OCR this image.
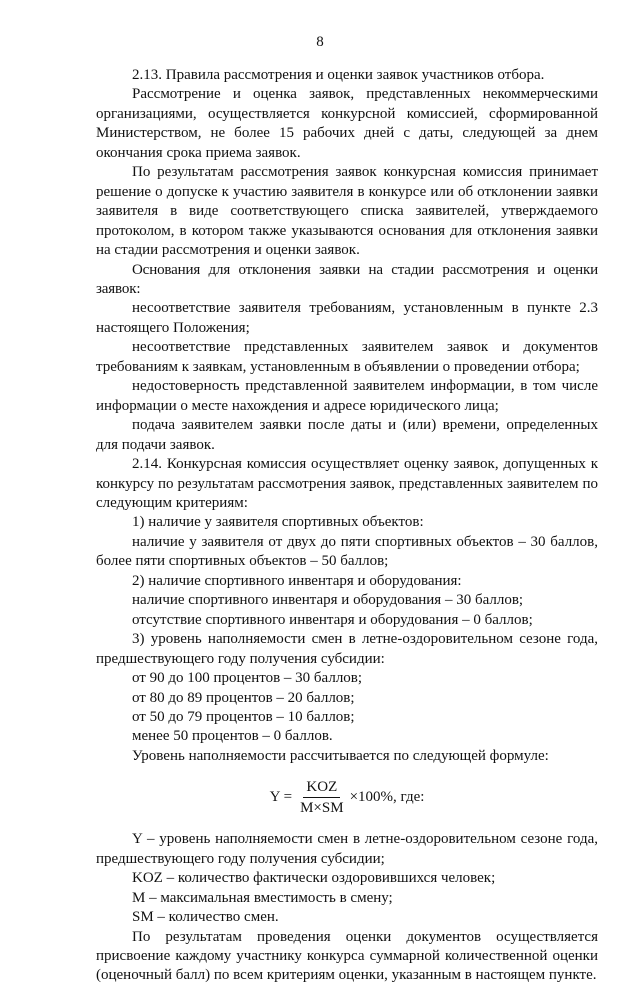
8

2.13. Правила рассмотрения и оценки заявок участников отбора.

Рассмотрение и оценка заявок, представленных некоммерческими организациями, осуществляется конкурсной комиссией, сформированной Министерством, не более 15 рабочих дней с даты, следующей за днем окончания срока приема заявок.

По результатам рассмотрения заявок конкурсная комиссия принимает решение о допуске к участию заявителя в конкурсе или об отклонении заявки заявителя в виде соответствующего списка заявителей, утверждаемого протоколом, в котором также указываются основания для отклонения заявки на стадии рассмотрения и оценки заявок.

Основания для отклонения заявки на стадии рассмотрения и оценки заявок:

несоответствие заявителя требованиям, установленным в пункте 2.3 настоящего Положения;

несоответствие представленных заявителем заявок и документов требованиям к заявкам, установленным в объявлении о проведении отбора;

недостоверность представленной заявителем информации, в том числе информации о месте нахождения и адресе юридического лица;

подача заявителем заявки после даты и (или) времени, определенных для подачи заявок.

2.14. Конкурсная комиссия осуществляет оценку заявок, допущенных к конкурсу по результатам рассмотрения заявок, представленных заявителем по следующим критериям:

1) наличие у заявителя спортивных объектов:

наличие у заявителя от двух до пяти спортивных объектов – 30 баллов, более пяти спортивных объектов – 50 баллов;

2) наличие спортивного инвентаря и оборудования:

наличие спортивного инвентаря и оборудования – 30 баллов;

отсутствие спортивного инвентаря и оборудования – 0 баллов;

3) уровень наполняемости смен в летне-оздоровительном сезоне года, предшествующего году получения субсидии:

от 90 до 100 процентов – 30 баллов;

от 80 до 89 процентов – 20 баллов;

от 50 до 79 процентов – 10 баллов;

менее 50 процентов – 0 баллов.

Уровень наполняемости рассчитывается по следующей формуле:

$Y = \frac{\text{KOZ}}{M\times SM} \times 100\%$, где:

Y – уровень наполняемости смен в летне-оздоровительном сезоне года, предшествующего году получения субсидии;

KOZ – количество фактически оздоровившихся человек;

M – максимальная вместимость в смену;

SM – количество смен.

По результатам проведения оценки документов осуществляется присвоение каждому участнику конкурса суммарной количественной оценки (оценочный балл) по всем критериям оценки, указанным в настоящем пункте.
